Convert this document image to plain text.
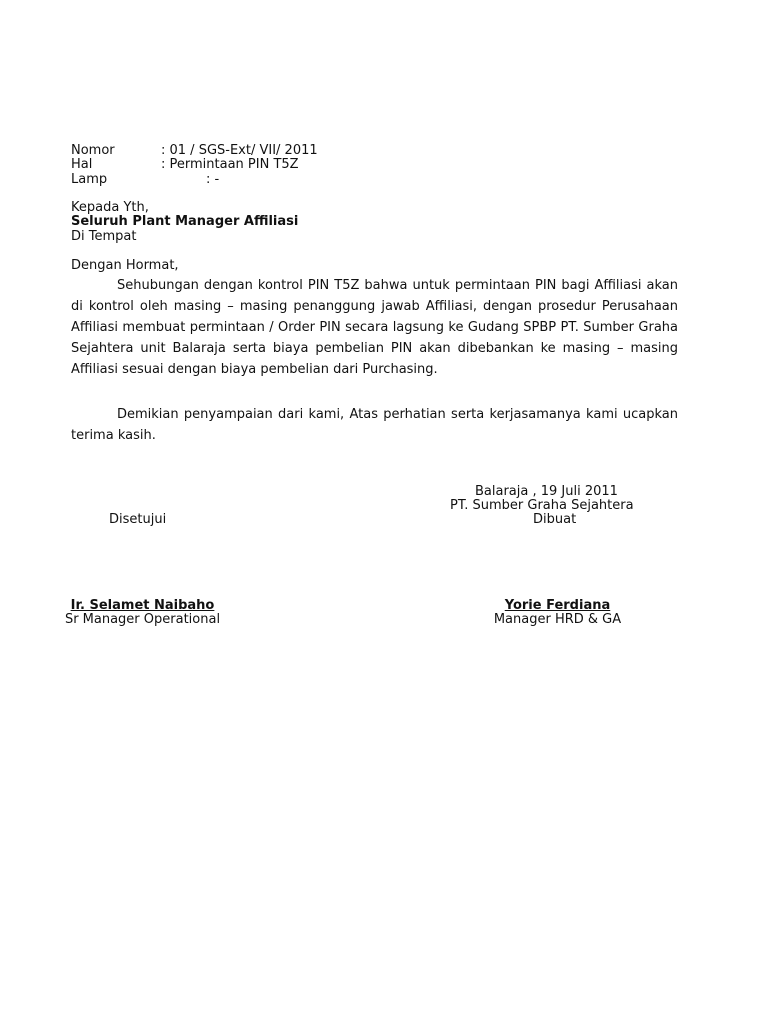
Nomor	: 01 / SGS-Ext/ VII/ 2011
Hal	: Permintaan PIN T5Z
Lamp	: -
Kepada Yth,
Seluruh Plant Manager Affiliasi
Di Tempat
Dengan Hormat,
Sehubungan dengan kontrol PIN T5Z bahwa untuk permintaan PIN bagi Affiliasi akan di kontrol oleh masing – masing penanggung jawab Affiliasi, dengan prosedur Perusahaan Affiliasi membuat permintaan / Order PIN secara lagsung ke Gudang SPBP PT. Sumber Graha Sejahtera unit Balaraja serta biaya pembelian PIN akan dibebankan ke masing – masing Affiliasi sesuai dengan biaya pembelian dari Purchasing.
Demikian penyampaian dari kami, Atas perhatian serta kerjasamanya kami ucapkan terima kasih.
Balaraja , 19 Juli 2011
PT. Sumber Graha Sejahtera
Dibuat
Disetujui
Ir. Selamet Naibaho
Sr Manager Operational
Yorie Ferdiana
Manager HRD & GA
